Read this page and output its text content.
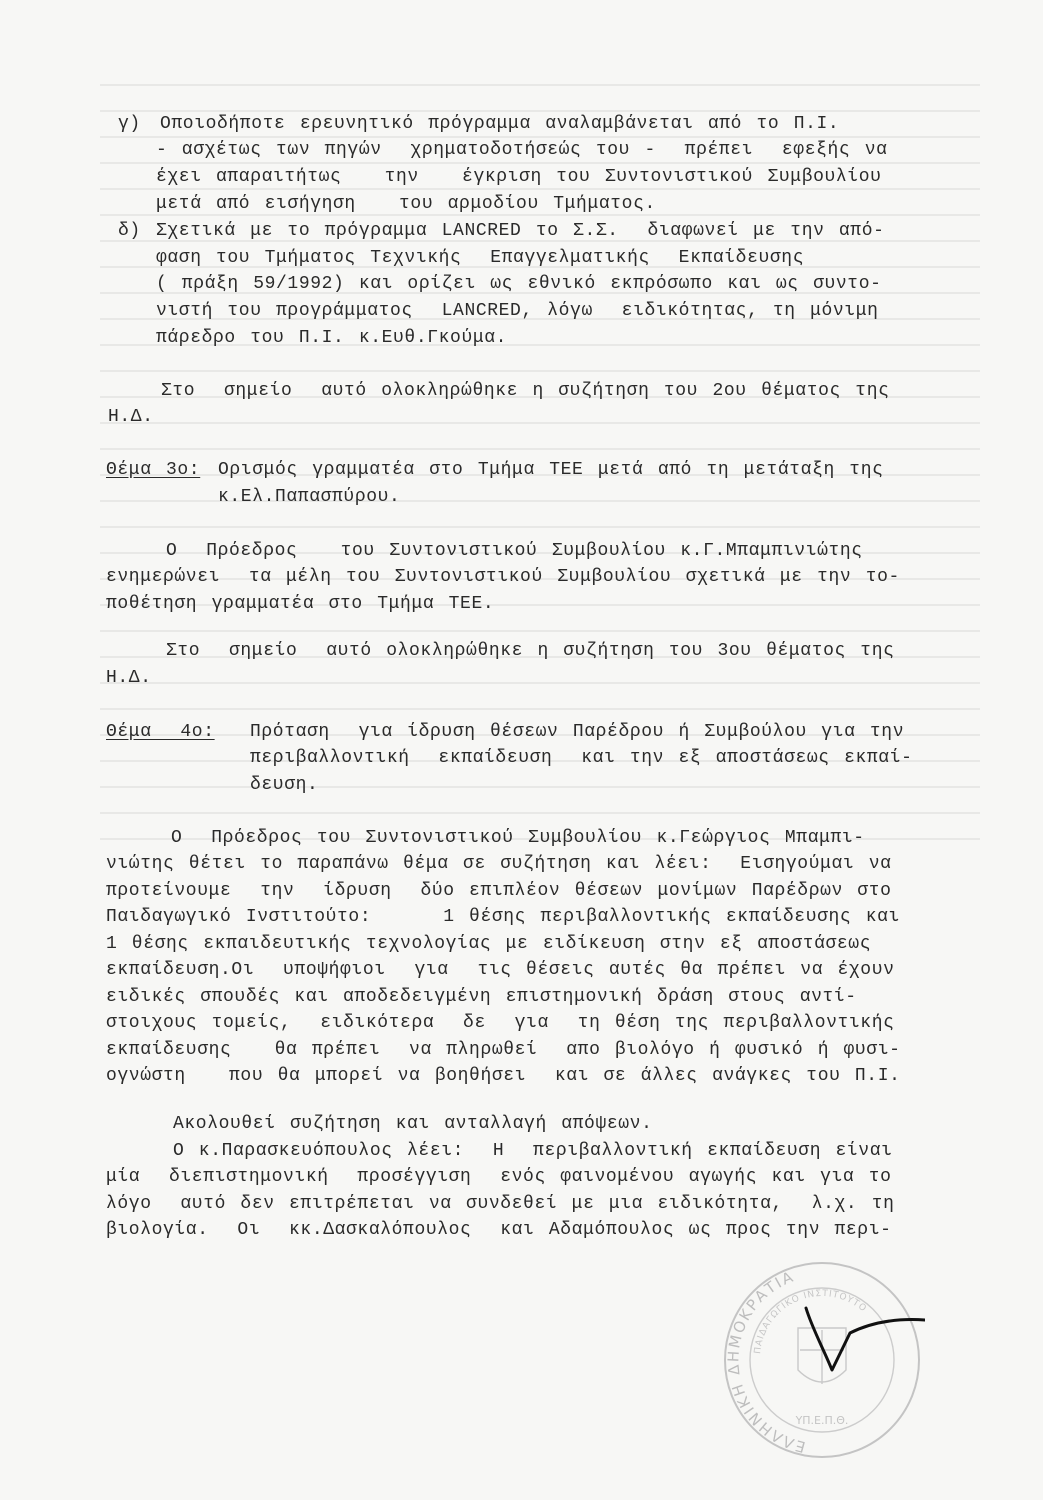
γ) Οποιοδήποτε ερευνητικό πρόγραμμα αναλαμβάνεται από το Π.Ι.
- ασχέτως των πηγών  χρηματοδοτήσεώς του -  πρέπει  εφεξής να
έχει απαραιτήτως   την   έγκριση του Συντονιστικού Συμβουλίου
μετά από εισήγηση   του αρμοδίου Τμήματος.
δ) Σχετικά με το πρόγραμμα LANCRED το Σ.Σ.  διαφωνεί με την από-
φαση του Τμήματος Τεχνικής  Επαγγελματικής  Εκπαίδευσης
( πράξη 59/1992) και ορίζει ως εθνικό εκπρόσωπο και ως συντο-
νιστή του προγράμματος  LANCRED, λόγω  ειδικότητας, τη μόνιμη
πάρεδρο του Π.Ι. κ.Ευθ.Γκούμα.
Στο  σημείο  αυτό ολοκληρώθηκε η συζήτηση του 2ου θέματος της
Η.Δ.
Θέμα 3ο: Ορισμός γραμματέα στο Τμήμα ΤΕΕ μετά από τη μετάταξη της
κ.Ελ.Παπασπύρου.
Ο  Πρόεδρος   του Συντονιστικού Συμβουλίου κ.Γ.Μπαμπινιώτης
ενημερώνει  τα μέλη του Συντονιστικού Συμβουλίου σχετικά με την το-
ποθέτηση γραμματέα στο Τμήμα ΤΕΕ.
Στο  σημείο  αυτό ολοκληρώθηκε η συζήτηση του 3ου θέματος της
Η.Δ.
Θέμα  4ο: Πρόταση  για ίδρυση θέσεων Παρέδρου ή Συμβούλου για την
περιβαλλοντική  εκπαίδευση  και την εξ αποστάσεως εκπαί-
δευση.
Ο  Πρόεδρος του Συντονιστικού Συμβουλίου κ.Γεώργιος Μπαμπι-
νιώτης θέτει το παραπάνω θέμα σε συζήτηση και λέει:  Εισηγούμαι να
προτείνουμε  την  ίδρυση  δύο επιπλέον θέσεων μονίμων Παρέδρων στο
Παιδαγωγικό Ινστιτούτο:     1 θέσης περιβαλλοντικής εκπαίδευσης και
1 θέσης εκπαιδευτικής τεχνολογίας με ειδίκευση στην εξ αποστάσεως
εκπαίδευση.Οι  υποψήφιοι  για  τις θέσεις αυτές θα πρέπει να έχουν
ειδικές σπουδές και αποδεδειγμένη επιστημονική δράση στους αντί-
στοιχους τομείς,  ειδικότερα  δε  για  τη θέση της περιβαλλοντικής
εκπαίδευσης   θα πρέπει  να πληρωθεί  απο βιολόγο ή φυσικό ή φυσι-
ογνώστη   που θα μπορεί να βοηθήσει  και σε άλλες ανάγκες του Π.Ι.
Ακολουθεί συζήτηση και ανταλλαγή απόψεων.
Ο κ.Παρασκευόπουλος λέει:  Η  περιβαλλοντική εκπαίδευση είναι
μία  διεπιστημονική  προσέγγιση  ενός φαινομένου αγωγής και για το
λόγο  αυτό δεν επιτρέπεται να συνδεθεί με μια ειδικότητα,  λ.χ. τη
βιολογία.  Οι  κκ.Δασκαλόπουλος  και Αδαμόπουλος ως προς την περι-
ΕΛΛΗΝΙΚΗ ΔΗΜΟΚΡΑΤΙΑ
ΠΑΙΔΑΓΩΓΙΚΟ ΙΝΣΤΙΤΟΥΤΟ
ΥΠ.Ε.Π.Θ.
